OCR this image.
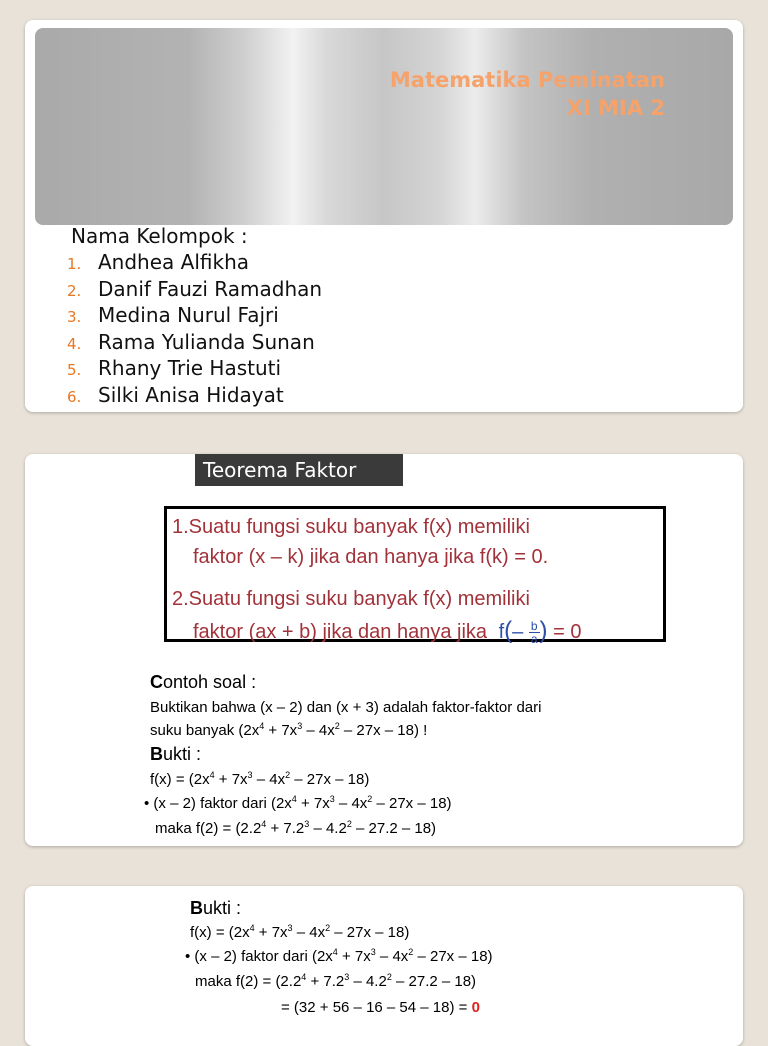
Matematika Peminatan
XI MIA 2
Nama Kelompok :
1. Andhea Alfikha
2. Danif Fauzi Ramadhan
3. Medina Nurul Fajri
4. Rama Yulianda Sunan
5. Rhany Trie Hastuti
6. Silki Anisa Hidayat
Teorema Faktor
1.Suatu fungsi suku banyak f(x) memiliki
faktor (x – k) jika dan hanya jika f(k) = 0.
2.Suatu fungsi suku banyak f(x) memiliki
faktor (ax + b) jika dan hanya jika $f(- \frac{b}{a}$ ) = 0
Contoh soal :
Buktikan bahwa (x – 2) dan (x + 3) adalah faktor-faktor dari
suku banyak $(2x^4 + 7x^3 - 4x^2 - 27x - 18)$ !
Bukti :
$f(x) = (2x^4 + 7x^3 - 4x^2 - 27x - 18)$
• (x – 2) faktor dari $(2x^4 + 7x^3 - 4x^2 - 27x - 18)$
maka $f(2) = (2.2^4 + 7.2^3 - 4.2^2 - 27.2 - 18)$
Bukti :
$f(x) = (2x^4 + 7x^3 - 4x^2 - 27x - 18)$
• (x – 2) faktor dari $(2x^4 + 7x^3 - 4x^2 - 27x - 18)$
maka $f(2) = (2.2^4 + 7.2^3 - 4.2^2 - 27.2 - 18)$
= (32 + 56 – 16 – 54 – 18) = 0
